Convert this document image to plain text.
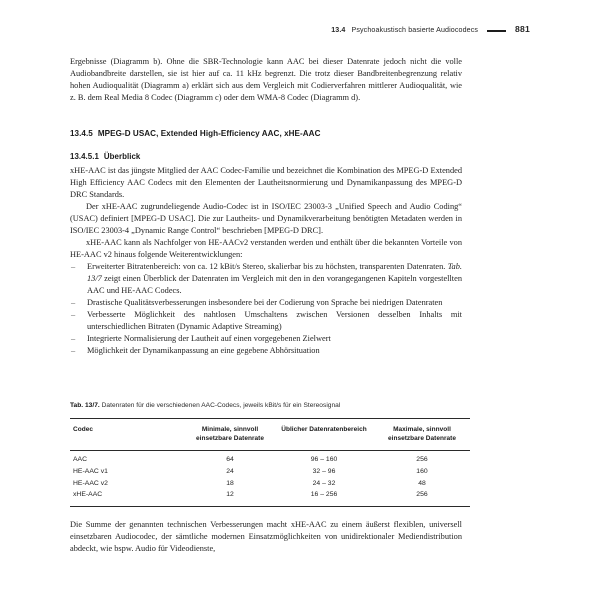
13.4 Psychoakustisch basierte Audiocodecs	881

Ergebnisse (Diagramm b). Ohne die SBR-Technologie kann AAC bei dieser Datenrate jedoch nicht die volle Audiobandbreite darstellen, sie ist hier auf ca. 11 kHz begrenzt. Die trotz dieser Bandbreitenbegrenzung relativ hohen Audioqualität (Diagramm a) erklärt sich aus dem Vergleich mit Codierverfahren mittlerer Audioqualität, wie z. B. dem Real Media 8 Codec (Diagramm c) oder dem WMA-8 Codec (Diagramm d).

13.4.5 MPEG-D USAC, Extended High-Efficiency AAC, xHE-AAC
13.4.5.1 Überblick

xHE-AAC ist das jüngste Mitglied der AAC Codec-Familie und bezeichnet die Kombination des MPEG-D Extended High Efficiency AAC Codecs mit den Elementen der Lautheitsnormierung und Dynamikanpassung des MPEG-D DRC Standards.

Der xHE-AAC zugrundeliegende Audio-Codec ist in ISO/IEC 23003-3 „Unified Speech and Audio Coding“ (USAC) definiert [MPEG-D USAC]. Die zur Lautheits- und Dynamikverarbeitung benötigten Metadaten werden in ISO/IEC 23003-4 „Dynamic Range Control“ beschrieben [MPEG-D DRC].

xHE-AAC kann als Nachfolger von HE-AACv2 verstanden werden und enthält über die bekannten Vorteile von HE-AAC v2 hinaus folgende Weiterentwicklungen:

– Erweiterter Bitratenbereich: von ca. 12 kBit/s Stereo, skalierbar bis zu höchsten, transparenten Datenraten. Tab. 13/7 zeigt einen Überblick der Datenraten im Vergleich mit den in den vorangegangenen Kapiteln vorgestellten AAC und HE-AAC Codecs.
– Drastische Qualitätsverbesserungen insbesondere bei der Codierung von Sprache bei niedrigen Datenraten
– Verbesserte Möglichkeit des nahtlosen Umschaltens zwischen Versionen desselben Inhalts mit unterschiedlichen Bitraten (Dynamic Adaptive Streaming)
– Integrierte Normalisierung der Lautheit auf einen vorgegebenen Zielwert
– Möglichkeit der Dynamikanpassung an eine gegebene Abhörsituation
Tab. 13/7. Datenraten für die verschiedenen AAC-Codecs, jeweils kBit/s für ein Stereosignal
Codec	Minimale, sinnvoll einsetzbare Datenrate	Üblicher Datenratenbereich	Maximale, sinnvoll einsetzbare Datenrate
AAC	64	96 – 160	256
HE-AAC v1	24	32 – 96	160
HE-AAC v2	18	24 – 32	48
xHE-AAC	12	16 – 256	256

Die Summe der genannten technischen Verbesserungen macht xHE-AAC zu einem äußerst flexiblen, universell einsetzbaren Audiocodec, der sämtliche modernen Einsatzmöglichkeiten von unidirektionaler Mediendistribution abdeckt, wie bspw. Audio für Videodienste,
